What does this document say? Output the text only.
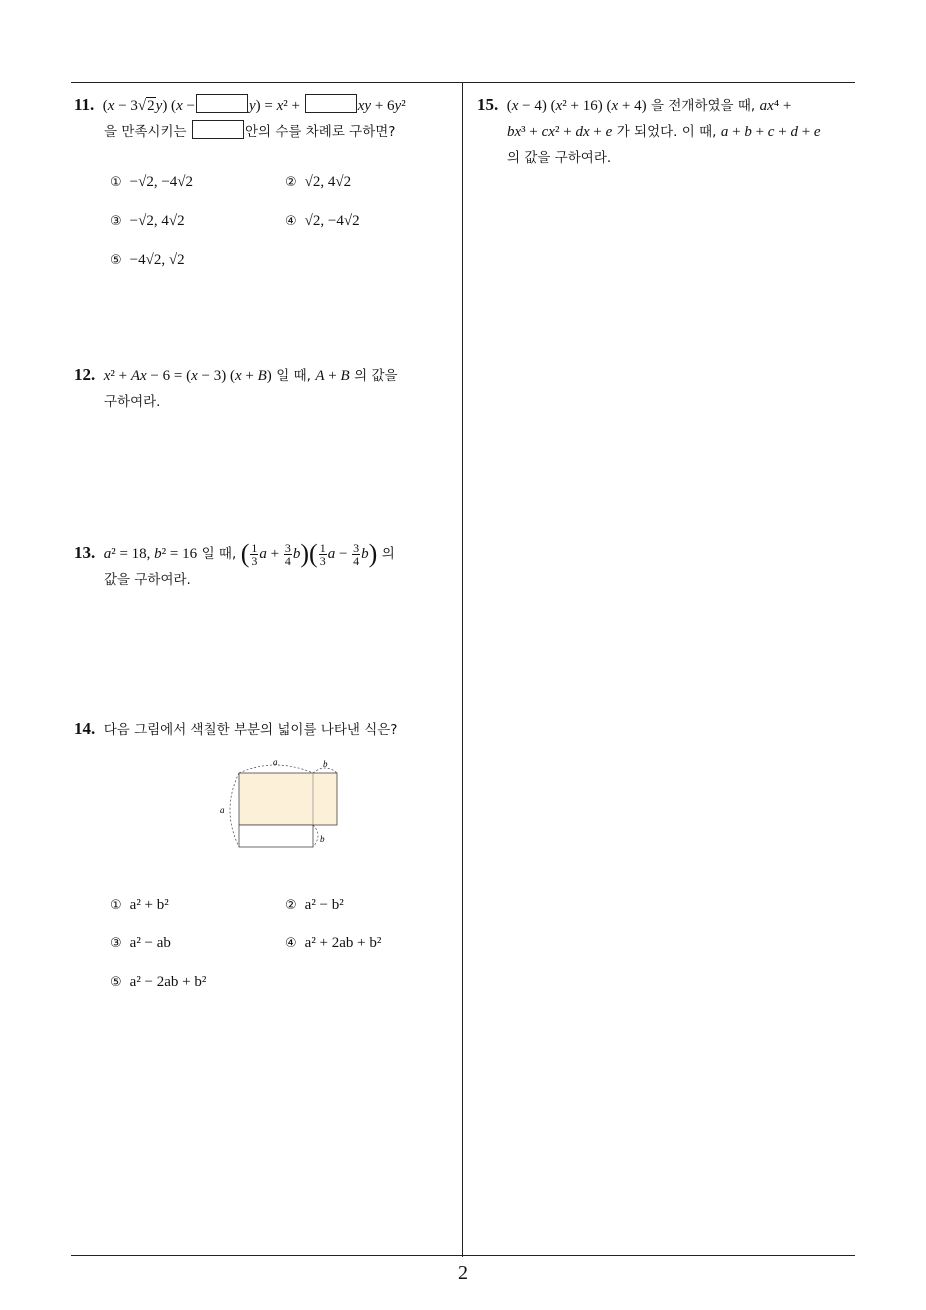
11. (x − 3√2y) (x −	y) = x² +	xy + 6y²
을 만족시키는	안의 수를 차례로 구하면?
① −√2, −4√2	② √2, 4√2
③ −√2, 4√2	④ √2, −4√2
⑤ −4√2, √2
12. x² + Ax − 6 = (x − 3) (x + B) 일 때, A + B 의 값을
구하여라.
13. a² = 18, b² = 16 일 때, ( $\frac{1}{3}$ $a + \frac{3}{4} b)( \frac{1}{3}$ $a - \frac{3}{4} b$) 의
값을 구하여라.
14. 다음 그림에서 색칠한 부분의 넓이를 나타낸 식은?
a	b
a
b
① a² + b²	② a² − b²
③ a² − ab	④ a² + 2ab + b²
⑤ a² − 2ab + b²
15. (x − 4) (x² + 16) (x + 4) 을 전개하였을 때, ax⁴ +
bx³ + cx² + dx + e 가 되었다. 이 때, a + b + c + d + e
의 값을 구하여라.
2
